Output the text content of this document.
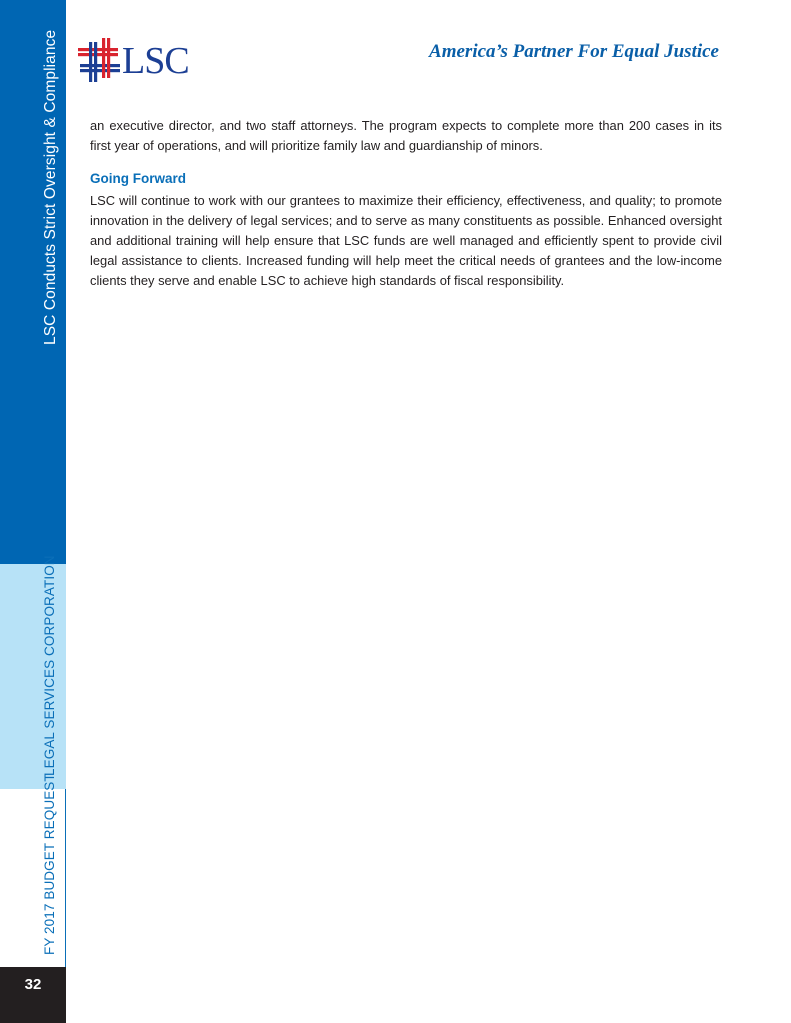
LSC Conducts Strict Oversight & Compliance
LEGAL SERVICES CORPORATION
FY 2017 BUDGET REQUEST
32
LSC	America’s Partner For Equal Justice

an executive director, and two staff attorneys. The program expects to complete more than 200 cases in its first year of operations, and will prioritize family law and guardianship of minors.

Going Forward

LSC will continue to work with our grantees to maximize their efficiency, effectiveness, and quality; to promote innovation in the delivery of legal services; and to serve as many constituents as possible. Enhanced oversight and additional training will help ensure that LSC funds are well managed and efficiently spent to provide civil legal assistance to clients. Increased funding will help meet the critical needs of grantees and the low-income clients they serve and enable LSC to achieve high standards of fiscal responsibility.
